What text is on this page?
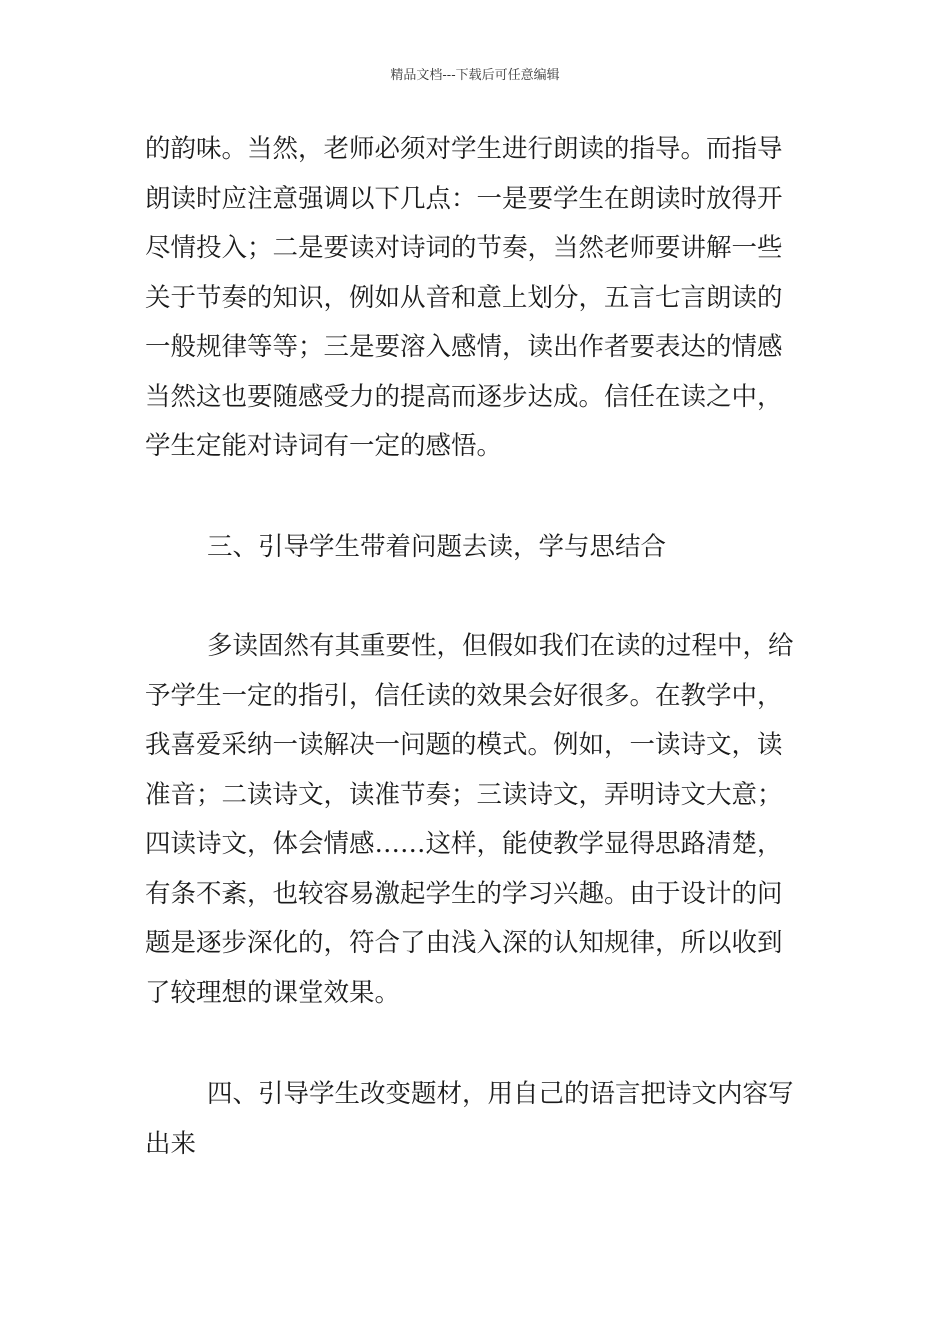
精品文档---下载后可任意编辑
的韵味。当然，老师必须对学生进行朗读的指导。而指导
朗读时应注意强调以下几点：一是要学生在朗读时放得开
尽情投入；二是要读对诗词的节奏，当然老师要讲解一些
关于节奏的知识，例如从音和意上划分，五言七言朗读的
一般规律等等；三是要溶入感情，读出作者要表达的情感
当然这也要随感受力的提高而逐步达成。信任在读之中，
学生定能对诗词有一定的感悟。
三、引导学生带着问题去读，学与思结合
多读固然有其重要性，但假如我们在读的过程中，给
予学生一定的指引，信任读的效果会好很多。在教学中，
我喜爱采纳一读解决一问题的模式。例如，一读诗文，读
准音；二读诗文，读准节奏；三读诗文，弄明诗文大意；
四读诗文，体会情感……这样，能使教学显得思路清楚，
有条不紊，也较容易激起学生的学习兴趣。由于设计的问
题是逐步深化的，符合了由浅入深的认知规律，所以收到
了较理想的课堂效果。
四、引导学生改变题材，用自己的语言把诗文内容写
出来
